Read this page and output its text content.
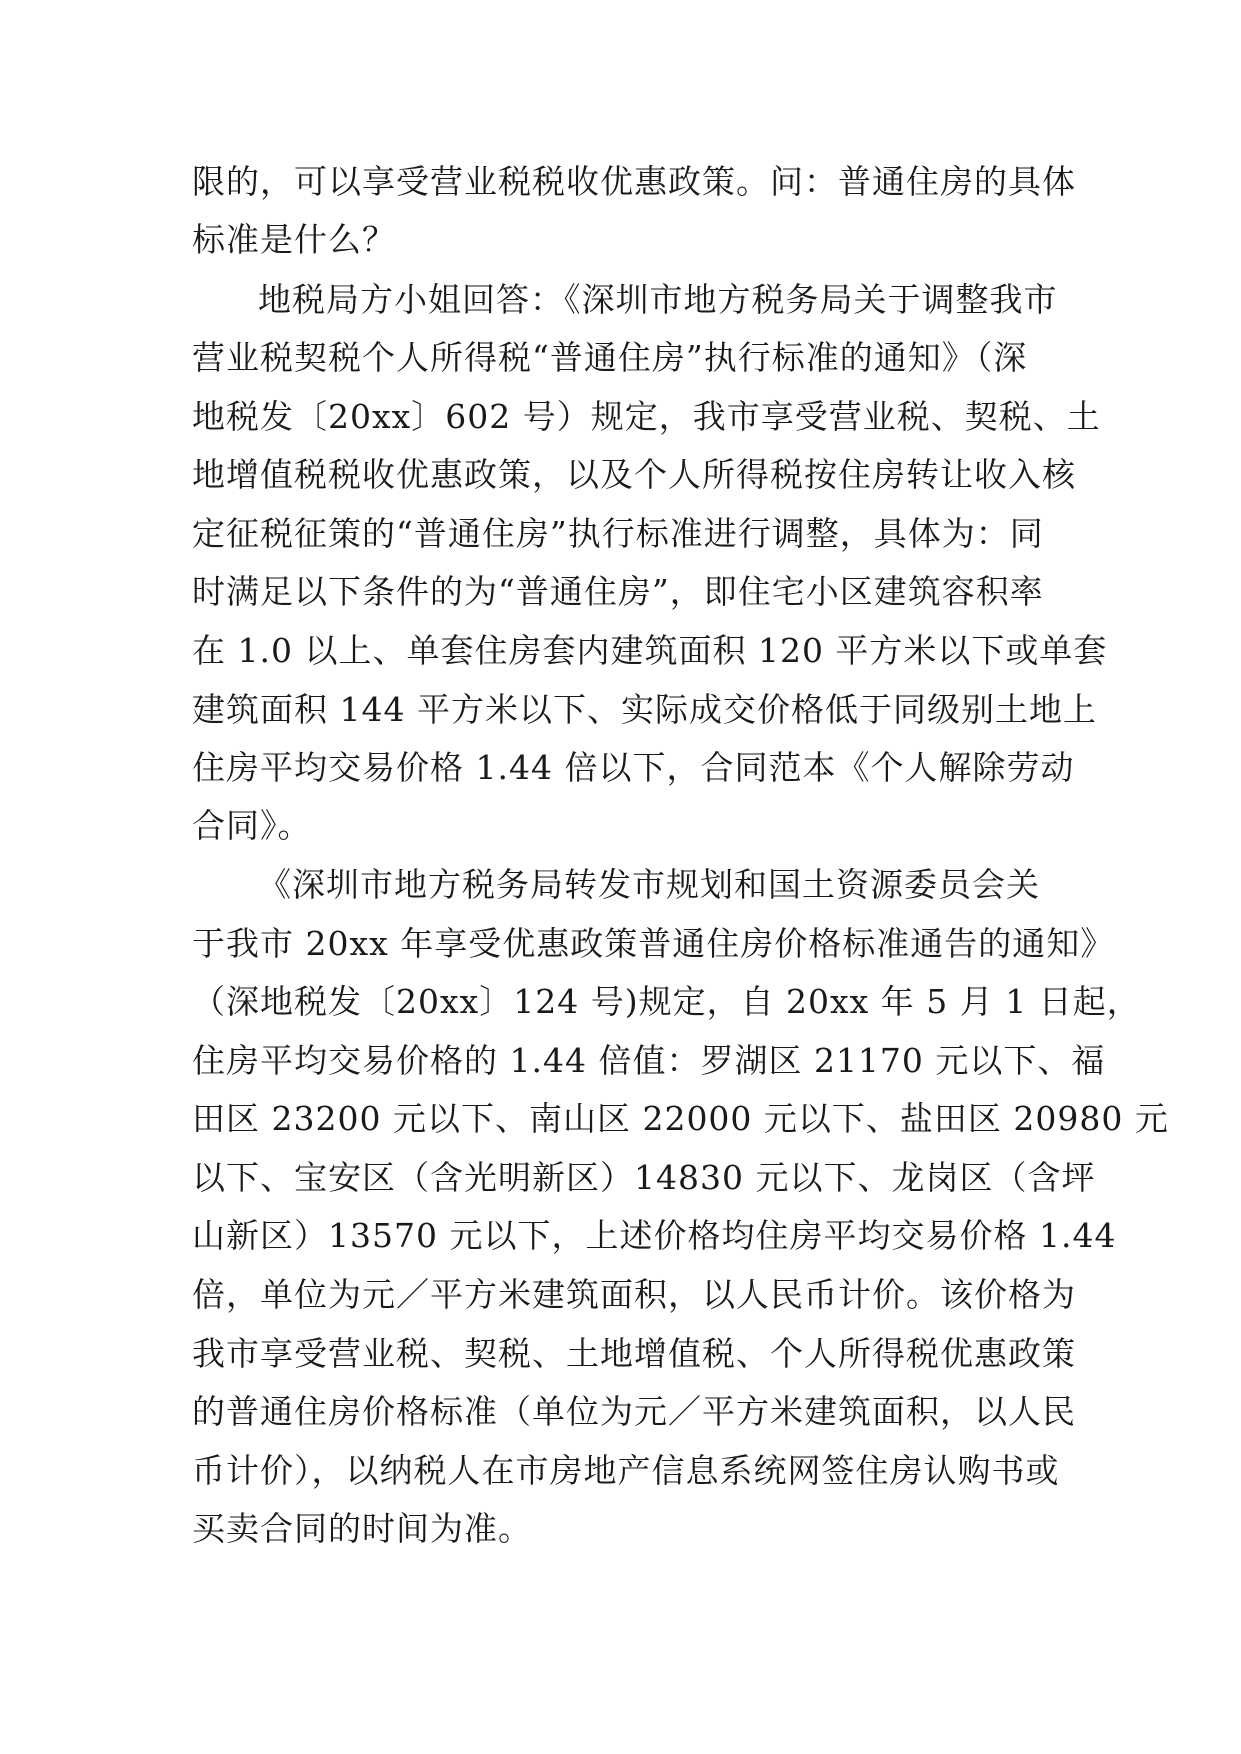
限的，可以享受营业税税收优惠政策。问：普通住房的具体
标准是什么？
地税局方小姐回答：《深圳市地方税务局关于调整我市
营业税契税个人所得税“普通住房”执行标准的通知》（深
地税发〔20xx〕602 号）规定，我市享受营业税、契税、土
地增值税税收优惠政策，以及个人所得税按住房转让收入核
定征税征策的“普通住房”执行标准进行调整，具体为：同
时满足以下条件的为“普通住房”，即住宅小区建筑容积率
在 1.0 以上、单套住房套内建筑面积 120 平方米以下或单套
建筑面积 144 平方米以下、实际成交价格低于同级别土地上
住房平均交易价格 1.44 倍以下，合同范本《个人解除劳动
合同》。
《深圳市地方税务局转发市规划和国土资源委员会关
于我市 20xx 年享受优惠政策普通住房价格标准通告的通知》
（深地税发〔20xx〕124 号)规定，自 20xx 年 5 月 1 日起，
住房平均交易价格的 1.44 倍值：罗湖区 21170 元以下、福
田区 23200 元以下、南山区 22000 元以下、盐田区 20980 元
以下、宝安区（含光明新区）14830 元以下、龙岗区（含坪
山新区）13570 元以下，上述价格均住房平均交易价格 1.44
倍，单位为元／平方米建筑面积，以人民币计价。该价格为
我市享受营业税、契税、土地增值税、个人所得税优惠政策
的普通住房价格标准（单位为元／平方米建筑面积，以人民
币计价），以纳税人在市房地产信息系统网签住房认购书或
买卖合同的时间为准。
